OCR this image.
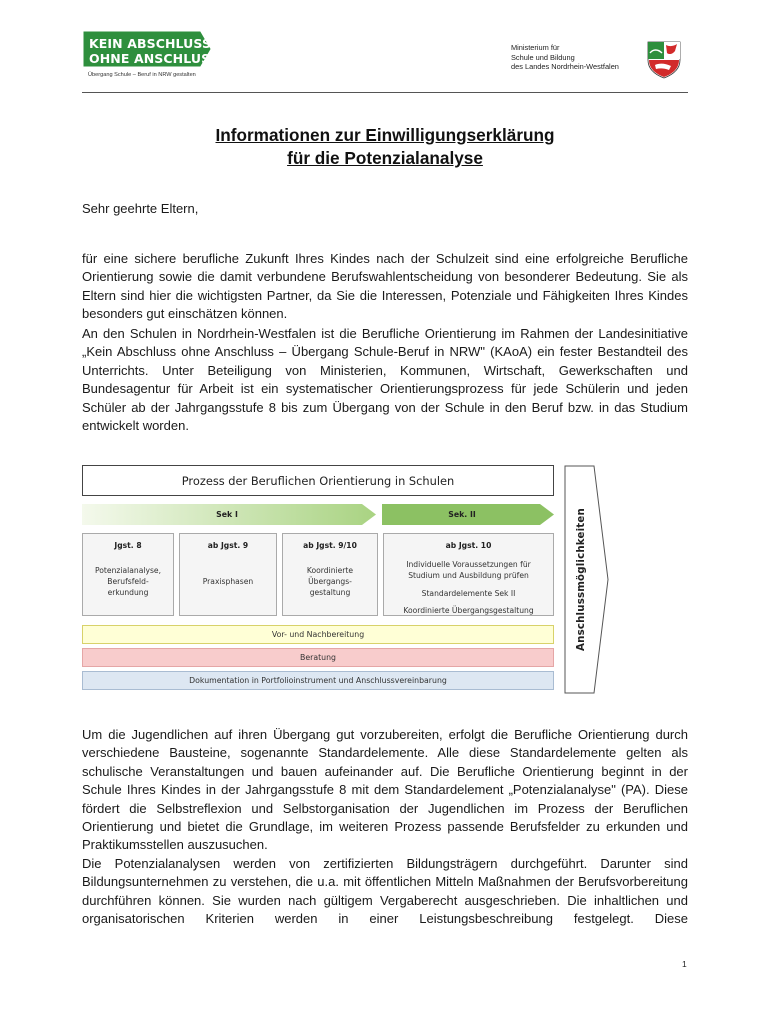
KEIN ABSCHLUSS
OHNE ANSCHLUSS
Übergang Schule – Beruf in NRW gestalten
Ministerium für
Schule und Bildung
des Landes Nordrhein-Westfalen
Informationen zur Einwilligungserklärung
für die Potenzialanalyse
Sehr geehrte Eltern,

für eine sichere berufliche Zukunft Ihres Kindes nach der Schulzeit sind eine erfolgreiche Berufliche Orientierung sowie die damit verbundene Berufswahlentscheidung von besonderer Bedeutung. Sie als Eltern sind hier die wichtigsten Partner, da Sie die Interessen, Potenziale und Fähigkeiten Ihres Kindes besonders gut einschätzen können.

An den Schulen in Nordrhein-Westfalen ist die Berufliche Orientierung im Rahmen der Landesinitiative „Kein Abschluss ohne Anschluss – Übergang Schule-Beruf in NRW" (KAoA) ein fester Bestandteil des Unterrichts. Unter Beteiligung von Ministerien, Kommunen, Wirtschaft, Gewerkschaften und Bundesagentur für Arbeit ist ein systematischer Orientierungsprozess für jede Schülerin und jeden Schüler ab der Jahrgangsstufe 8 bis zum Übergang von der Schule in den Beruf bzw. in das Studium entwickelt worden.

Prozess der Beruflichen Orientierung in Schulen
Sek I	Sek. II
Jgst. 8
Potenzialanalyse,
Berufsfeld-
erkundung
ab Jgst. 9
Praxisphasen
ab Jgst. 9/10
Koordinierte
Übergangs-
gestaltung
ab Jgst. 10
Individuelle Voraussetzungen für
Studium und Ausbildung prüfen
Standardelemente Sek II
Koordinierte Übergangsgestaltung
Vor- und Nachbereitung
Beratung
Dokumentation in Portfolioinstrument und Anschlussvereinbarung
Anschlussmöglichkeiten

Um die Jugendlichen auf ihren Übergang gut vorzubereiten, erfolgt die Berufliche Orientierung durch verschiedene Bausteine, sogenannte Standardelemente. Alle diese Standardelemente gelten als schulische Veranstaltungen und bauen aufeinander auf. Die Berufliche Orientierung beginnt in der Schule Ihres Kindes in der Jahrgangsstufe 8 mit dem Standardelement „Potenzialanalyse" (PA). Diese fördert die Selbstreflexion und Selbstorganisation der Jugendlichen im Prozess der Beruflichen Orientierung und bietet die Grundlage, im weiteren Prozess passende Berufsfelder zu erkunden und Praktikumsstellen auszusuchen.

Die Potenzialanalysen werden von zertifizierten Bildungsträgern durchgeführt. Darunter sind Bildungsunternehmen zu verstehen, die u.a. mit öffentlichen Mitteln Maßnahmen der Berufsvorbereitung durchführen können. Sie wurden nach gültigem Vergaberecht ausgeschrieben. Die inhaltlichen und organisatorischen Kriterien werden in einer Leistungsbeschreibung festgelegt. Diese

1
